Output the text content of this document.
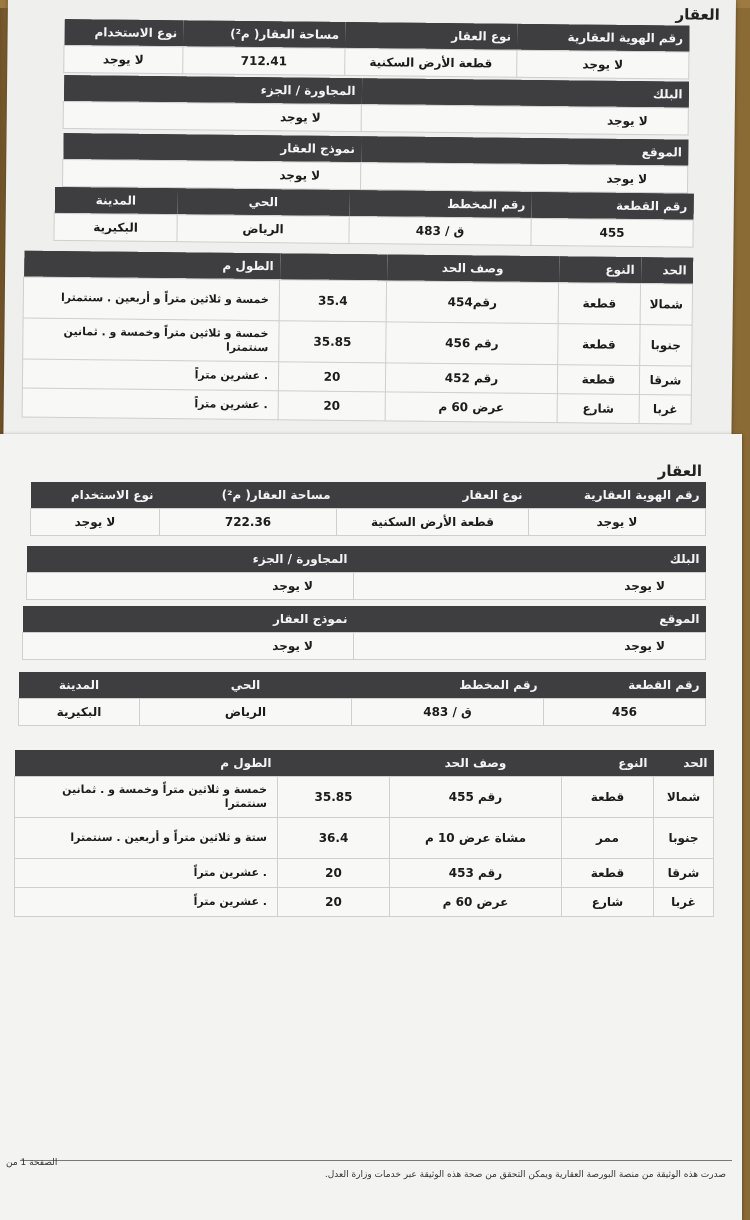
العقار
رقم الهوية العقارية	نوع العقار	مساحة العقار( م²)	نوع الاستخدام
لا يوجد	قطعة الأرض السكنية	712.41	لا يوجد
البلك	المجاورة / الجزء
لا يوجد	لا يوجد
الموقع	نموذج العقار
لا يوجد	لا يوجد
رقم القطعة	رقم المخطط	الحي	المدينة
455	ق / 483	الرياض	البكيرية
الحد	النوع	وصف الحد		الطول م
شمالا	قطعة	رقم454	35.4	خمسة و ثلاثين متراً و أربعين . سنتمترا
جنوبا	قطعة	رقم 456	35.85	خمسة و ثلاثين متراً وخمسة و . ثمانين سنتمترا
شرقا	قطعة	رقم 452	20	. عشرين متراً
غربا	شارع	عرض 60 م	20	. عشرين متراً
العقار
رقم الهوية العقارية	نوع العقار	مساحة العقار( م²)	نوع الاستخدام
لا يوجد	قطعة الأرض السكنية	722.36	لا يوجد
البلك	المجاورة / الجزء
لا يوجد	لا يوجد
الموقع	نموذج العقار
لا يوجد	لا يوجد
رقم القطعة	رقم المخطط	الحي	المدينة
456	ق / 483	الرياض	البكيرية
الحد	النوع	وصف الحد		الطول م
شمالا	قطعة	رقم 455	35.85	خمسة و ثلاثين متراً وخمسة و . ثمانين سنتمترا
جنوبا	ممر	مشاة عرض 10 م	36.4	ستة و ثلاثين متراً و أربعين . سنتمترا
شرقا	قطعة	رقم 453	20	. عشرين متراً
غربا	شارع	عرض 60 م	20	. عشرين متراً
صدرت هذه الوثيقة من منصة البورصة العقارية ويمكن التحقق من صحة هذه الوثيقة عبر خدمات وزارة العدل.
الصفحة 1 من
